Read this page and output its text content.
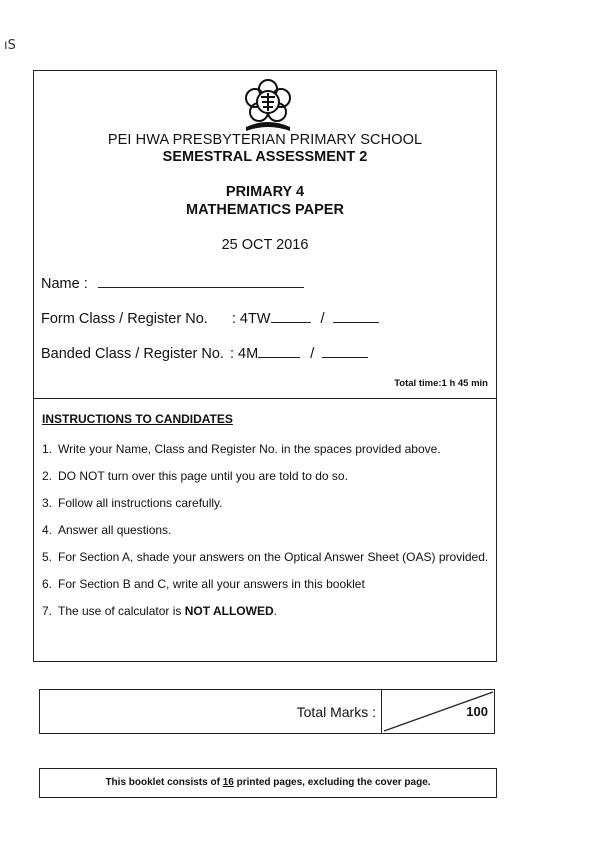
ıS
PEI HWA PRESBYTERIAN PRIMARY SCHOOL
SEMESTRAL ASSESSMENT 2
PRIMARY 4
MATHEMATICS PAPER
25 OCT 2016
Name :
Form Class / Register No. : 4TW	/
Banded Class / Register No. : 4M	/
Total time:1 h 45 min
INSTRUCTIONS TO CANDIDATES
1. Write your Name, Class and Register No. in the spaces provided above.
2. DO NOT turn over this page until you are told to do so.
3. Follow all instructions carefully.
4. Answer all questions.
5. For Section A, shade your answers on the Optical Answer Sheet (OAS) provided.
6. For Section B and C, write all your answers in this booklet
7. The use of calculator is NOT ALLOWED.
Total Marks :	100
This booklet consists of 16 printed pages, excluding the cover page.
